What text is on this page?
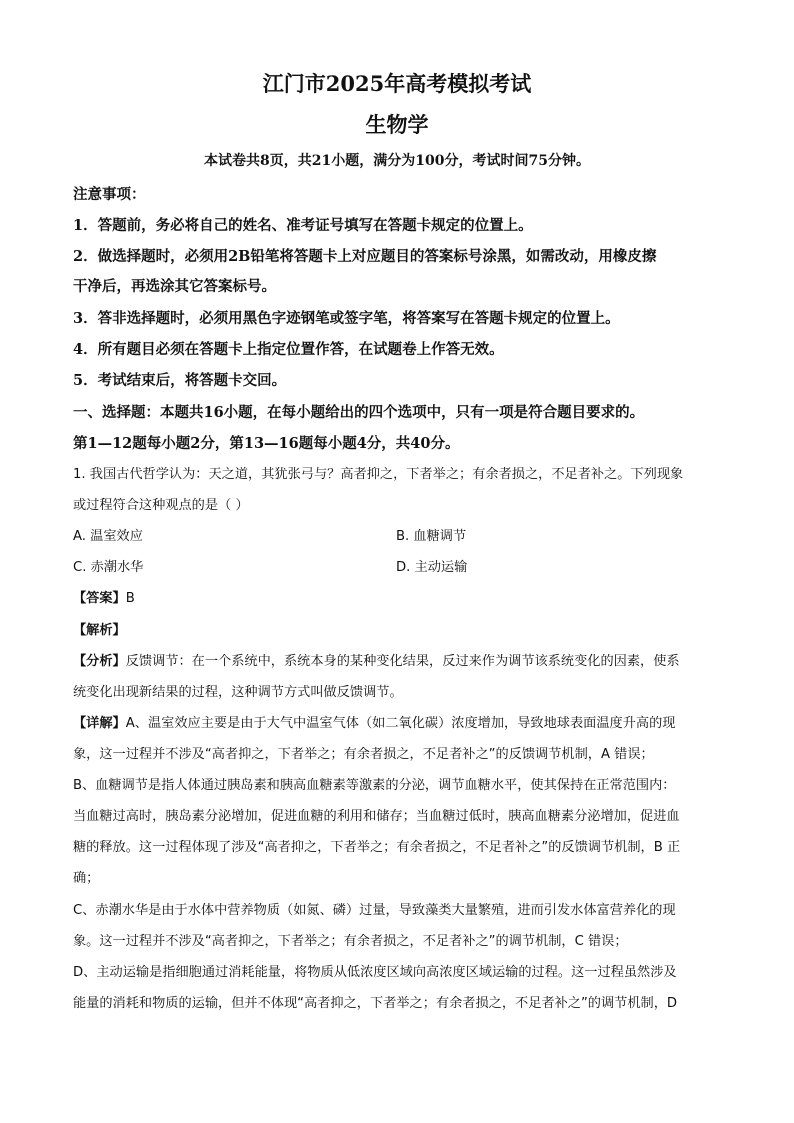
江门市2025年高考模拟考试
生物学
本试卷共8页，共21小题，满分为100分，考试时间75分钟。
注意事项：
1．答题前，务必将自己的姓名、准考证号填写在答题卡规定的位置上。
2．做选择题时，必须用2B铅笔将答题卡上对应题目的答案标号涂黑，如需改动，用橡皮擦
干净后，再选涂其它答案标号。
3．答非选择题时，必须用黑色字迹钢笔或签字笔，将答案写在答题卡规定的位置上。
4．所有题目必须在答题卡上指定位置作答，在试题卷上作答无效。
5．考试结束后，将答题卡交回。
一、选择题：本题共16小题，在每小题给出的四个选项中，只有一项是符合题目要求的。
第1—12题每小题2分，第13—16题每小题4分，共40分。
1. 我国古代哲学认为：天之道，其犹张弓与？高者抑之，下者举之；有余者损之，不足者补之。下列现象
或过程符合这种观点的是（ ）
A. 温室效应	B. 血糖调节
C. 赤潮水华	D. 主动运输
【答案】B
【解析】
【分析】反馈调节：在一个系统中，系统本身的某种变化结果，反过来作为调节该系统变化的因素，使系
统变化出现新结果的过程，这种调节方式叫做反馈调节。
【详解】A、温室效应主要是由于大气中温室气体（如二氧化碳）浓度增加，导致地球表面温度升高的现
象，这一过程并不涉及“高者抑之，下者举之；有余者损之，不足者补之”的反馈调节机制，A 错误；
B、血糖调节是指人体通过胰岛素和胰高血糖素等激素的分泌，调节血糖水平，使其保持在正常范围内：
当血糖过高时，胰岛素分泌增加，促进血糖的利用和储存；当血糖过低时，胰高血糖素分泌增加，促进血
糖的释放。这一过程体现了涉及“高者抑之，下者举之；有余者损之，不足者补之”的反馈调节机制，B 正
确；
C、赤潮水华是由于水体中营养物质（如氮、磷）过量，导致藻类大量繁殖，进而引发水体富营养化的现
象。这一过程并不涉及“高者抑之，下者举之；有余者损之，不足者补之”的调节机制，C 错误；
D、主动运输是指细胞通过消耗能量，将物质从低浓度区域向高浓度区域运输的过程。这一过程虽然涉及
能量的消耗和物质的运输，但并不体现“高者抑之，下者举之；有余者损之，不足者补之”的调节机制，D
